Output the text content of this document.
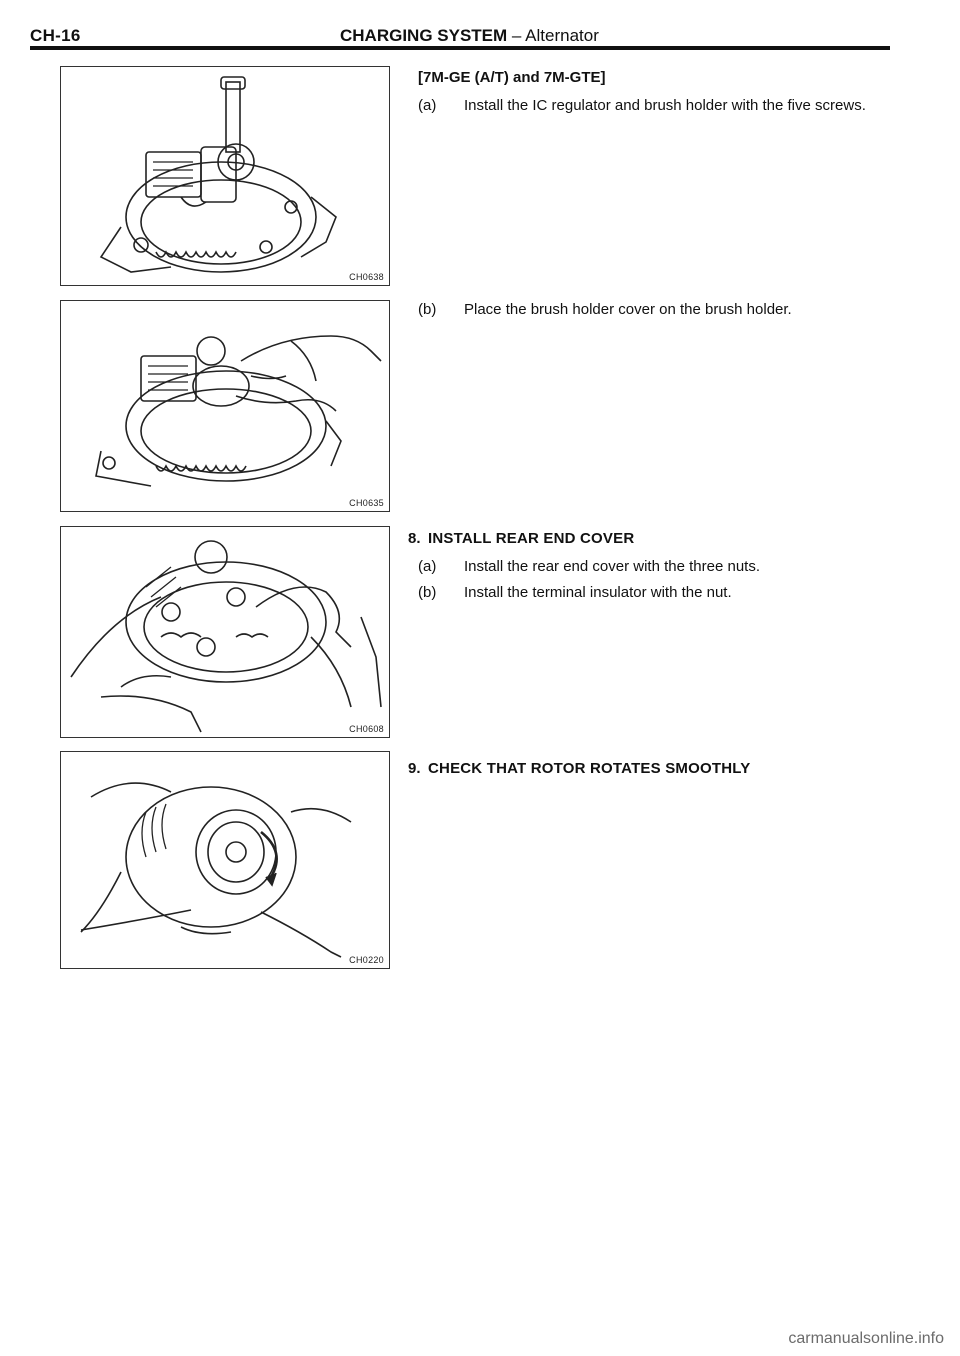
CH-16	CHARGING SYSTEM – Alternator
CH0638
CH0635
CH0608
CH0220
[7M-GE (A/T) and 7M-GTE]
(a) Install the IC regulator and brush holder with the five screws.
(b) Place the brush holder cover on the brush holder.
8. INSTALL REAR END COVER
(a) Install the rear end cover with the three nuts.
(b) Install the terminal insulator with the nut.
9. CHECK THAT ROTOR ROTATES SMOOTHLY
carmanualsonline.info
